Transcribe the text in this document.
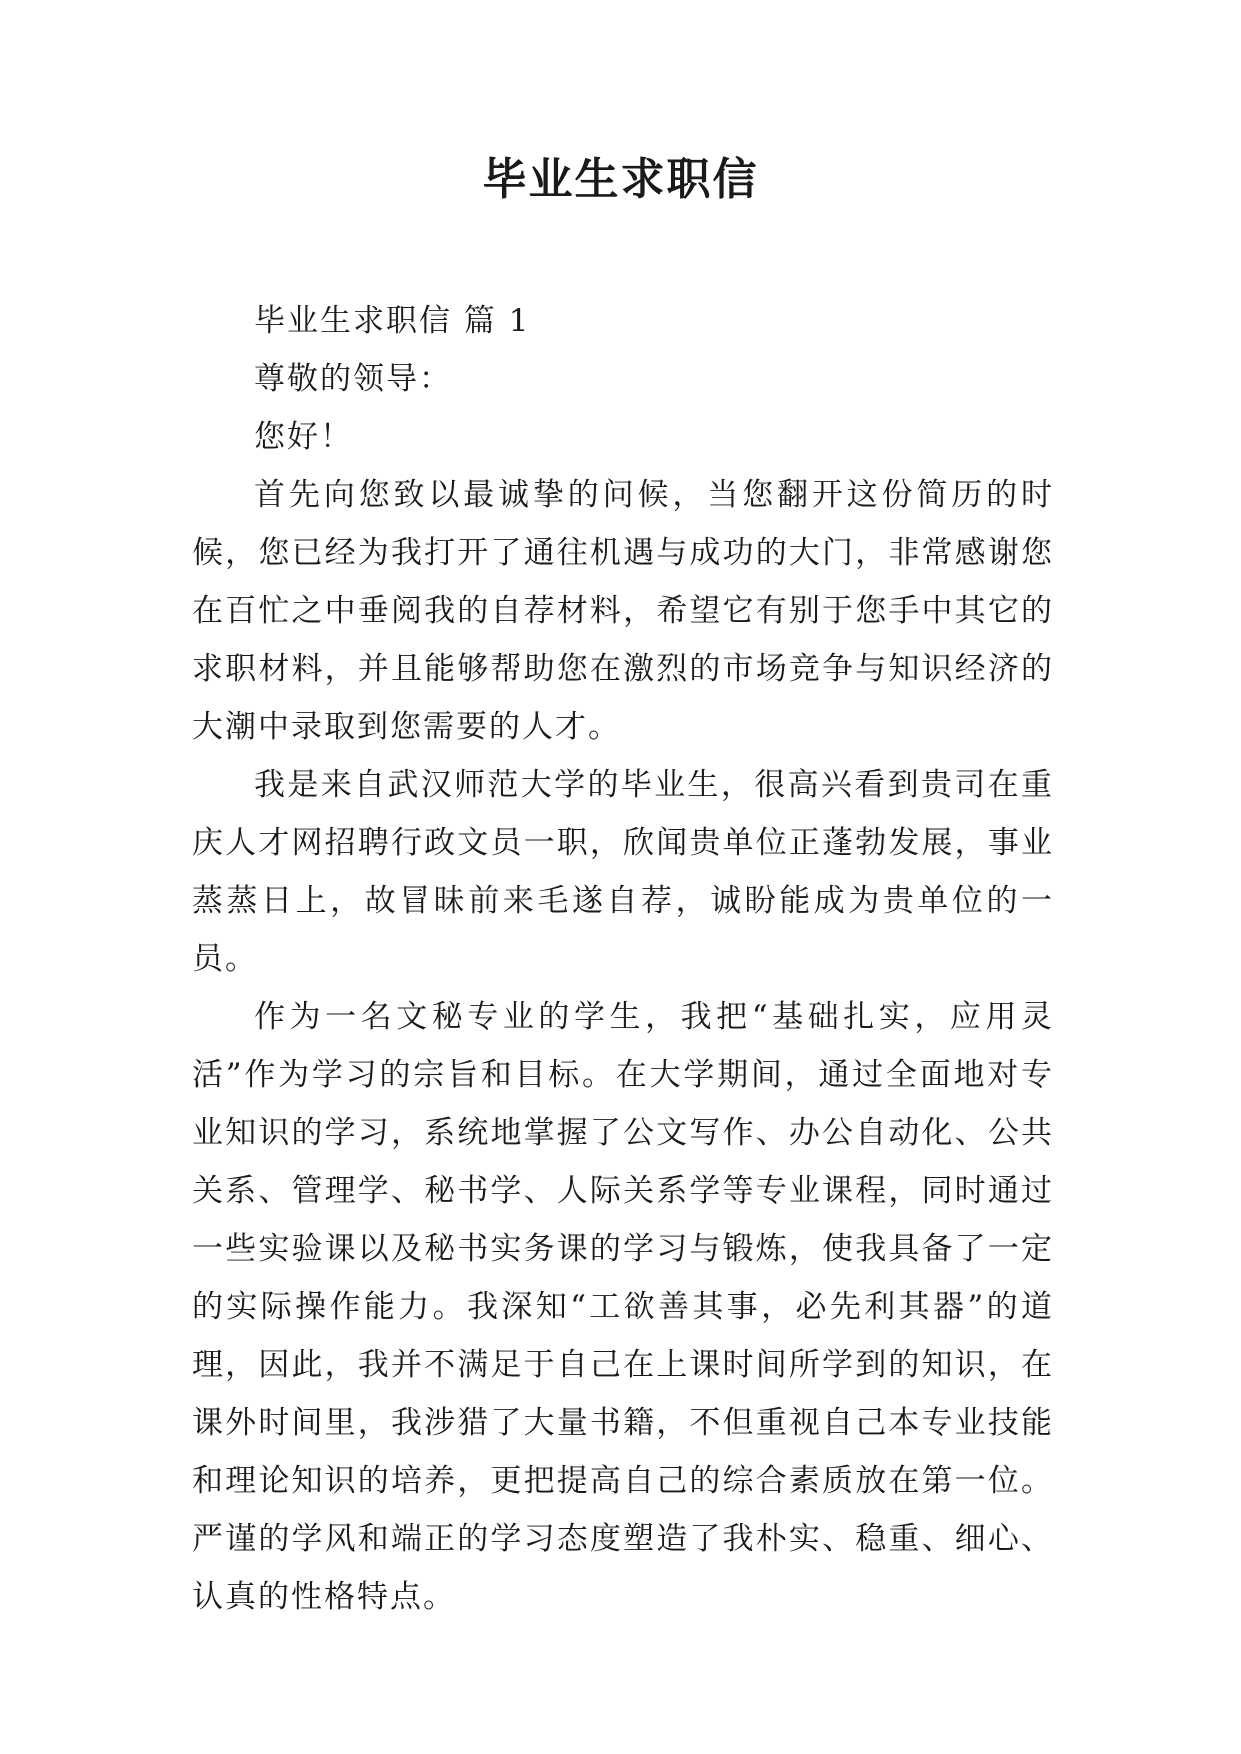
毕业生求职信

毕业生求职信 篇 1

尊敬的领导：

您好！

首先向您致以最诚挚的问候，当您翻开这份简历的时候，您已经为我打开了通往机遇与成功的大门，非常感谢您在百忙之中垂阅我的自荐材料，希望它有别于您手中其它的求职材料，并且能够帮助您在激烈的市场竞争与知识经济的大潮中录取到您需要的人才。

我是来自武汉师范大学的毕业生，很高兴看到贵司在重庆人才网招聘行政文员一职，欣闻贵单位正蓬勃发展，事业蒸蒸日上，故冒昧前来毛遂自荐，诚盼能成为贵单位的一员。

作为一名文秘专业的学生，我把“基础扎实，应用灵活”作为学习的宗旨和目标。在大学期间，通过全面地对专业知识的学习，系统地掌握了公文写作、办公自动化、公共关系、管理学、秘书学、人际关系学等专业课程，同时通过一些实验课以及秘书实务课的学习与锻炼，使我具备了一定的实际操作能力。我深知“工欲善其事，必先利其器”的道理，因此，我并不满足于自己在上课时间所学到的知识，在课外时间里，我涉猎了大量书籍，不但重视自己本专业技能和理论知识的培养，更把提高自己的综合素质放在第一位。严谨的学风和端正的学习态度塑造了我朴实、稳重、细心、认真的性格特点。
